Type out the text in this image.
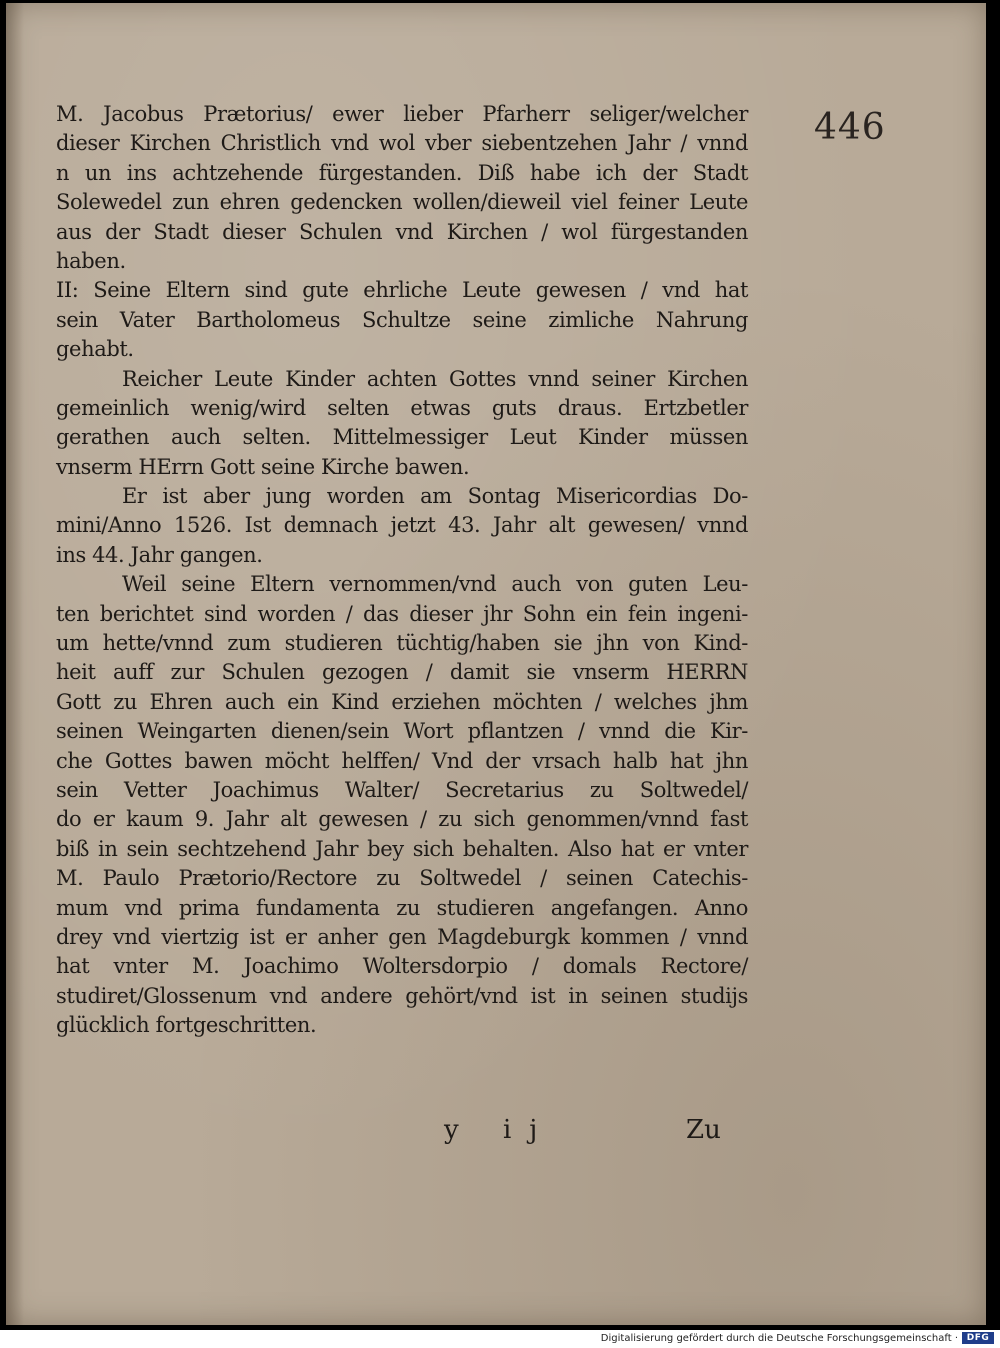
446

M. Jacobus Prætorius/ ewer lieber Pfarherr seliger/welcher
dieser Kirchen Christlich vnd wol vber siebentzehen Jahr / vnnd
n un ins achtzehende fürgestanden. Diß habe ich der Stadt
Solewedel zun ehren gedencken wollen/dieweil viel feiner Leute
aus der Stadt dieser Schulen vnd Kirchen / wol fürgestanden
haben.
II: Seine Eltern sind gute ehrliche Leute gewesen / vnd hat
sein Vater Bartholomeus Schultze seine zimliche Nahrung
gehabt.
Reicher Leute Kinder achten Gottes vnnd seiner Kirchen
gemeinlich wenig/wird selten etwas guts draus. Ertzbetler
gerathen auch selten. Mittelmessiger Leut Kinder müssen
vnserm HErrn Gott seine Kirche bawen.
Er ist aber jung worden am Sontag Misericordias Do-
mini/Anno 1526. Ist demnach jetzt 43. Jahr alt gewesen/ vnnd
ins 44. Jahr gangen.
Weil seine Eltern vernommen/vnd auch von guten Leu-
ten berichtet sind worden / das dieser jhr Sohn ein fein ingeni-
um hette/vnnd zum studieren tüchtig/haben sie jhn von Kind-
heit auff zur Schulen gezogen / damit sie vnserm HERRN
Gott zu Ehren auch ein Kind erziehen möchten / welches jhm
seinen Weingarten dienen/sein Wort pflantzen / vnnd die Kir-
che Gottes bawen möcht helffen/ Vnd der vrsach halb hat jhn
sein Vetter Joachimus Walter/ Secretarius zu Soltwedel/
do er kaum 9. Jahr alt gewesen / zu sich genommen/vnnd fast
biß in sein sechtzehend Jahr bey sich behalten. Also hat er vnter
M. Paulo Prætorio/Rectore zu Soltwedel / seinen Catechis-
mum vnd prima fundamenta zu studieren angefangen. Anno
drey vnd viertzig ist er anher gen Magdeburgk kommen / vnnd
hat vnter M. Joachimo Woltersdorpio / domals Rectore/
studiret/Glossenum vnd andere gehört/vnd ist in seinen studijs
glücklich fortgeschritten.
y ij	Zu
Digitalisierung gefördert durch die Deutsche Forschungsgemeinschaft · DFG
